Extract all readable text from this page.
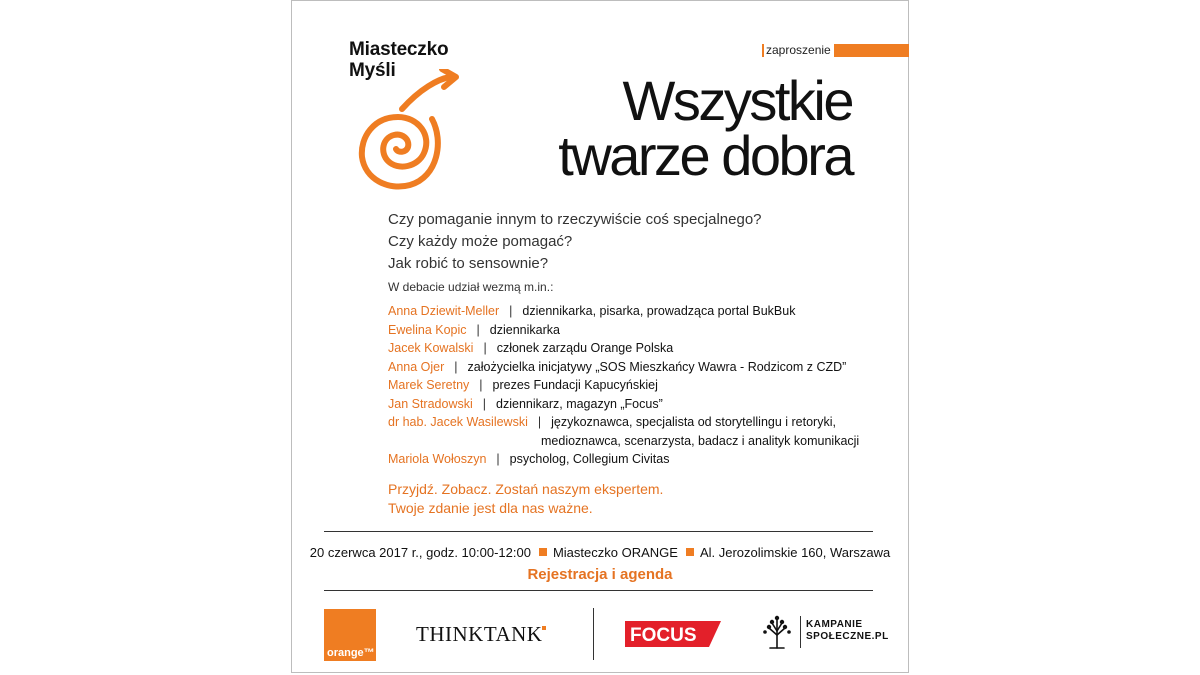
Miasteczko
Myśli
zaproszenie
Wszystkie
twarze dobra
Czy pomaganie innym to rzeczywiście coś specjalnego?
Czy każdy może pomagać?
Jak robić to sensownie?
W debacie udział wezmą m.in.:
Anna Dziewit-Meller | dziennikarka, pisarka, prowadząca portal BukBuk
Ewelina Kopic | dziennikarka
Jacek Kowalski | członek zarządu Orange Polska
Anna Ojer | założycielka inicjatywy „SOS Mieszkańcy Wawra - Rodzicom z CZD”
Marek Seretny | prezes Fundacji Kapucyńskiej
Jan Stradowski | dziennikarz, magazyn „Focus”
dr hab. Jacek Wasilewski | językoznawca, specjalista od storytellingu i retoryki,
medioznawca, scenarzysta, badacz i analityk komunikacji
Mariola Wołoszyn | psycholog, Collegium Civitas
Przyjdź. Zobacz. Zostań naszym ekspertem.
Twoje zdanie jest dla nas ważne.
20 czerwca 2017 r., godz. 10:00-12:00 Miasteczko ORANGE Al. Jerozolimskie 160, Warszawa
Rejestracja i agenda
orange™
THINKTANK	FOCUS
KAMPANIE
SPOŁECZNE.PL
